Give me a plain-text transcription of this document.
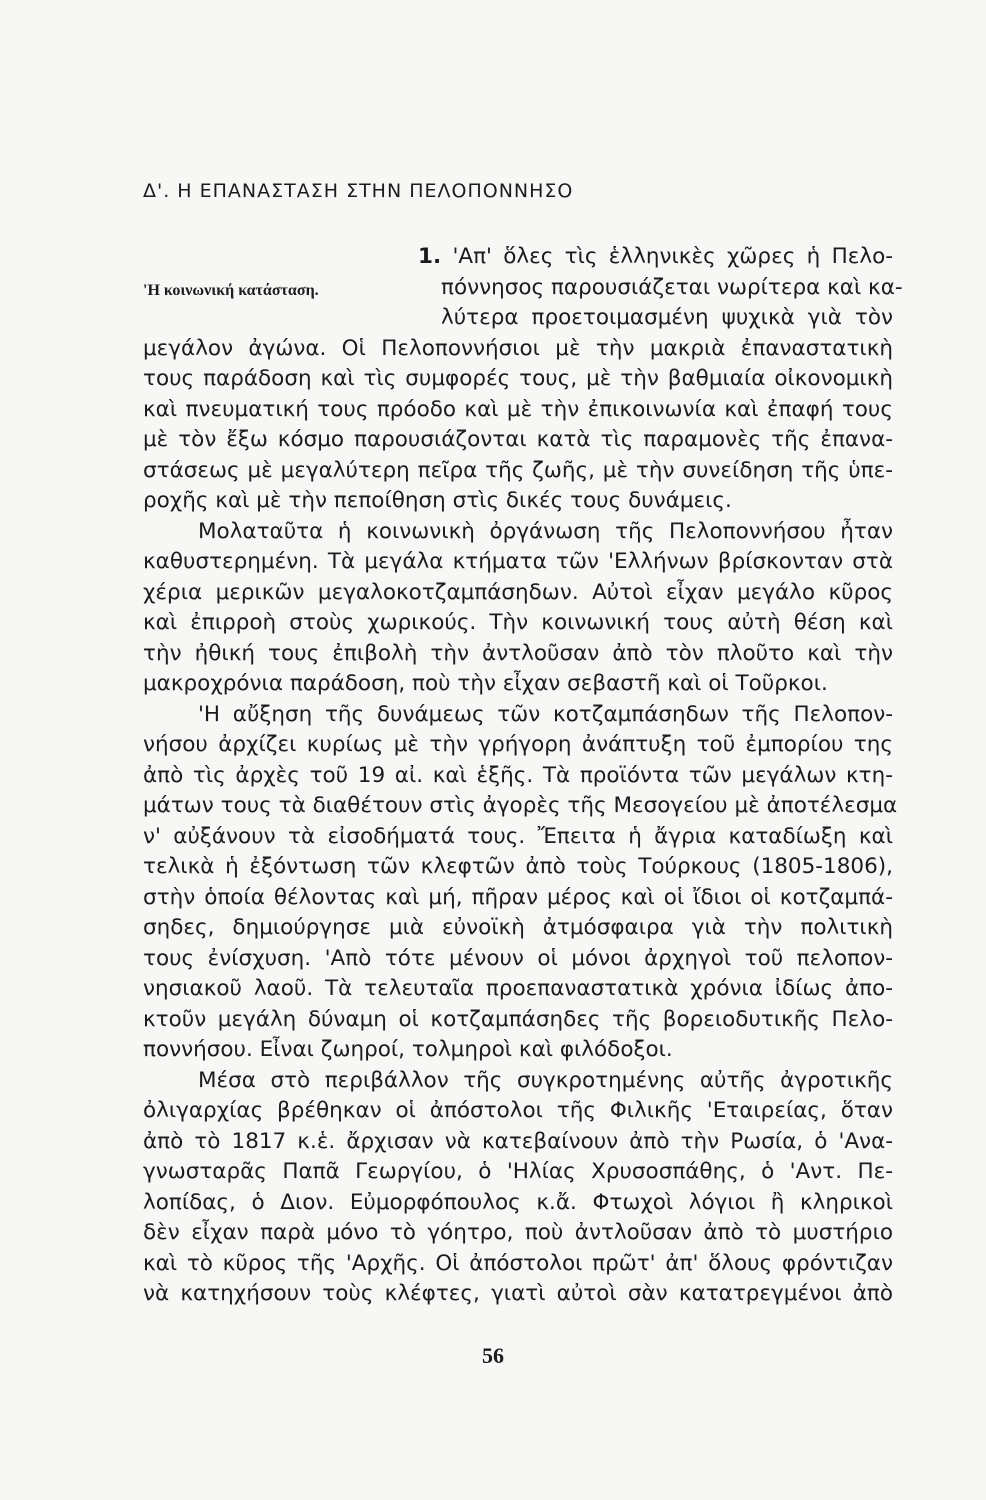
Δ'. Η ΕΠΑΝΑΣΤΑΣΗ ΣΤΗΝ ΠΕΛΟΠΟΝΝΗΣΟ
'Η κοινωνική κατάσταση.
1. 'Απ' ὅλες τὶς ἑλληνικὲς χῶρες ἡ Πελο-
πόννησος παρουσιάζεται νωρίτερα καὶ κα-
λύτερα προετοιμασμένη ψυχικὰ γιὰ τὸν
μεγάλον ἀγώνα. Οἱ Πελοποννήσιοι μὲ τὴν μακριὰ ἐπαναστατικὴ
τους παράδοση καὶ τὶς συμφορές τους, μὲ τὴν βαθμιαία οἰκονομικὴ
καὶ πνευματική τους πρόοδο καὶ μὲ τὴν ἐπικοινωνία καὶ ἐπαφή τους
μὲ τὸν ἔξω κόσμο παρουσιάζονται κατὰ τὶς παραμονὲς τῆς ἐπανα-
στάσεως μὲ μεγαλύτερη πεῖρα τῆς ζωῆς, μὲ τὴν συνείδηση τῆς ὑπε-
ροχῆς καὶ μὲ τὴν πεποίθηση στὶς δικές τους δυνάμεις.
Μολαταῦτα ἡ κοινωνικὴ ὀργάνωση τῆς Πελοποννήσου ἦταν
καθυστερημένη. Τὰ μεγάλα κτήματα τῶν 'Ελλήνων βρίσκονταν στὰ
χέρια μερικῶν μεγαλοκοτζαμπάσηδων. Αὐτοὶ εἶχαν μεγάλο κῦρος
καὶ ἐπιρροὴ στοὺς χωρικούς. Τὴν κοινωνική τους αὐτὴ θέση καὶ
τὴν ἠθική τους ἐπιβολὴ τὴν ἀντλοῦσαν ἀπὸ τὸν πλοῦτο καὶ τὴν
μακροχρόνια παράδοση, ποὺ τὴν εἶχαν σεβαστῆ καὶ οἱ Τοῦρκοι.
'Η αὔξηση τῆς δυνάμεως τῶν κοτζαμπάσηδων τῆς Πελοπον-
νήσου ἀρχίζει κυρίως μὲ τὴν γρήγορη ἀνάπτυξη τοῦ ἐμπορίου της
ἀπὸ τὶς ἀρχὲς τοῦ 19 αἰ. καὶ ἑξῆς. Τὰ προϊόντα τῶν μεγάλων κτη-
μάτων τους τὰ διαθέτουν στὶς ἀγορὲς τῆς Μεσογείου μὲ ἀποτέλεσμα
ν' αὐξάνουν τὰ εἰσοδήματά τους. Ἔπειτα ἡ ἄγρια καταδίωξη καὶ
τελικὰ ἡ ἐξόντωση τῶν κλεφτῶν ἀπὸ τοὺς Τούρκους (1805-1806),
στὴν ὁποία θέλοντας καὶ μή, πῆραν μέρος καὶ οἱ ἴδιοι οἱ κοτζαμπά-
σηδες, δημιούργησε μιὰ εὐνοϊκὴ ἀτμόσφαιρα γιὰ τὴν πολιτικὴ
τους ἐνίσχυση. 'Απὸ τότε μένουν οἱ μόνοι ἀρχηγοὶ τοῦ πελοπον-
νησιακοῦ λαοῦ. Τὰ τελευταῖα προεπαναστατικὰ χρόνια ἰδίως ἀπο-
κτοῦν μεγάλη δύναμη οἱ κοτζαμπάσηδες τῆς βορειοδυτικῆς Πελο-
ποννήσου. Εἶναι ζωηροί, τολμηροὶ καὶ φιλόδοξοι.
Μέσα στὸ περιβάλλον τῆς συγκροτημένης αὐτῆς ἀγροτικῆς
ὀλιγαρχίας βρέθηκαν οἱ ἀπόστολοι τῆς Φιλικῆς 'Εταιρείας, ὅταν
ἀπὸ τὸ 1817 κ.ἑ. ἄρχισαν νὰ κατεβαίνουν ἀπὸ τὴν Ρωσία, ὁ 'Ανα-
γνωσταρᾶς Παπᾶ Γεωργίου, ὁ 'Ηλίας Χρυσοσπάθης, ὁ 'Αντ. Πε-
λοπίδας, ὁ Διον. Εὐμορφόπουλος κ.ἄ. Φτωχοὶ λόγιοι ἢ κληρικοὶ
δὲν εἶχαν παρὰ μόνο τὸ γόητρο, ποὺ ἀντλοῦσαν ἀπὸ τὸ μυστήριο
καὶ τὸ κῦρος τῆς 'Αρχῆς. Οἱ ἀπόστολοι πρῶτ' ἀπ' ὅλους φρόντιζαν
νὰ κατηχήσουν τοὺς κλέφτες, γιατὶ αὐτοὶ σὰν κατατρεγμένοι ἀπὸ
56
